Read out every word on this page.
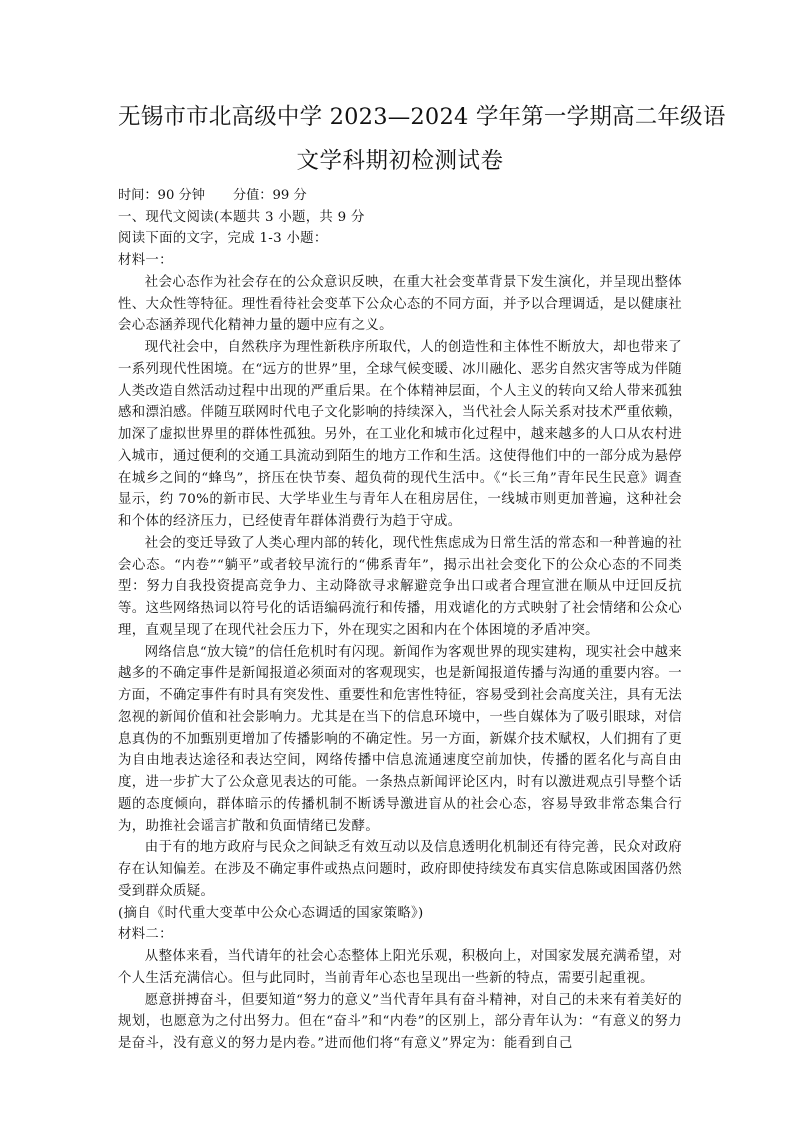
无锡市市北高级中学 2023—2024 学年第一学期高二年级语

文学科期初检测试卷

时间：90 分钟 分值：99 分

一、现代文阅读(本题共 3 小题，共 9 分

阅读下面的文字，完成 1-3 小题：

材料一：

社会心态作为社会存在的公众意识反映，在重大社会变革背景下发生演化，并呈现出整体性、大众性等特征。理性看待社会变革下公众心态的不同方面，并予以合理调适，是以健康社会心态涵养现代化精神力量的题中应有之义。

现代社会中，自然秩序为理性新秩序所取代，人的创造性和主体性不断放大，却也带来了一系列现代性困境。在“远方的世界”里，全球气候变暖、冰川融化、恶劣自然灾害等成为伴随人类改造自然活动过程中出现的严重后果。在个体精神层面，个人主义的转向又给人带来孤独感和漂泊感。伴随互联网时代电子文化影响的持续深入，当代社会人际关系对技术严重依赖，加深了虚拟世界里的群体性孤独。另外，在工业化和城市化过程中，越来越多的人口从农村进入城市，通过便利的交通工具流动到陌生的地方工作和生活。这使得他们中的一部分成为悬停在城乡之间的“蜂鸟”，挤压在快节奏、超负荷的现代生活中。《“长三角”青年民生民意》调查显示，约 70%的新市民、大学毕业生与青年人在租房居住，一线城市则更加普遍，这种社会和个体的经济压力，已经使青年群体消费行为趋于守成。

社会的变迁导致了人类心理内部的转化，现代性焦虑成为日常生活的常态和一种普遍的社会心态。“内卷”“躺平”或者较早流行的“佛系青年”，揭示出社会变化下的公众心态的不同类型：努力自我投资提高竞争力、主动降欲寻求解避竞争出口或者合理宣泄在顺从中迂回反抗等。这些网络热词以符号化的话语编码流行和传播，用戏谑化的方式映射了社会情绪和公众心理，直观呈现了在现代社会压力下，外在现实之困和内在个体困境的矛盾冲突。

网络信息“放大镜”的信任危机时有闪现。新闻作为客观世界的现实建构，现实社会中越来越多的不确定事件是新闻报道必须面对的客观现实，也是新闻报道传播与沟通的重要内容。一方面，不确定事件有时具有突发性、重要性和危害性特征，容易受到社会高度关注，具有无法忽视的新闻价值和社会影响力。尤其是在当下的信息环境中，一些自媒体为了吸引眼球，对信息真伪的不加甄别更增加了传播影响的不确定性。另一方面，新媒介技术赋权，人们拥有了更为自由地表达途径和表达空间，网络传播中信息流通速度空前加快，传播的匿名化与高自由度，进一步扩大了公众意见表达的可能。一条热点新闻评论区内，时有以激进观点引导整个话题的态度倾向，群体暗示的传播机制不断诱导激进盲从的社会心态，容易导致非常态集合行为，助推社会谣言扩散和负面情绪已发酵。

由于有的地方政府与民众之间缺乏有效互动以及信息透明化机制还有待完善，民众对政府存在认知偏差。在涉及不确定事件或热点问题时，政府即使持续发布真实信息陈或困国落仍然受到群众质疑。

(摘自《时代重大变革中公众心态调适的国家策略》)

材料二：

从整体来看，当代请年的社会心态整体上阳光乐观，积极向上，对国家发展充满希望，对个人生活充满信心。但与此同时，当前青年心态也呈现出一些新的特点，需要引起重视。

愿意拼搏奋斗，但要知道“努力的意义”当代青年具有奋斗精神，对自己的未来有着美好的规划，也愿意为之付出努力。但在“奋斗”和“内卷”的区别上，部分青年认为：“有意义的努力是奋斗，没有意义的努力是内卷。”进而他们将“有意义”界定为：能看到自己
